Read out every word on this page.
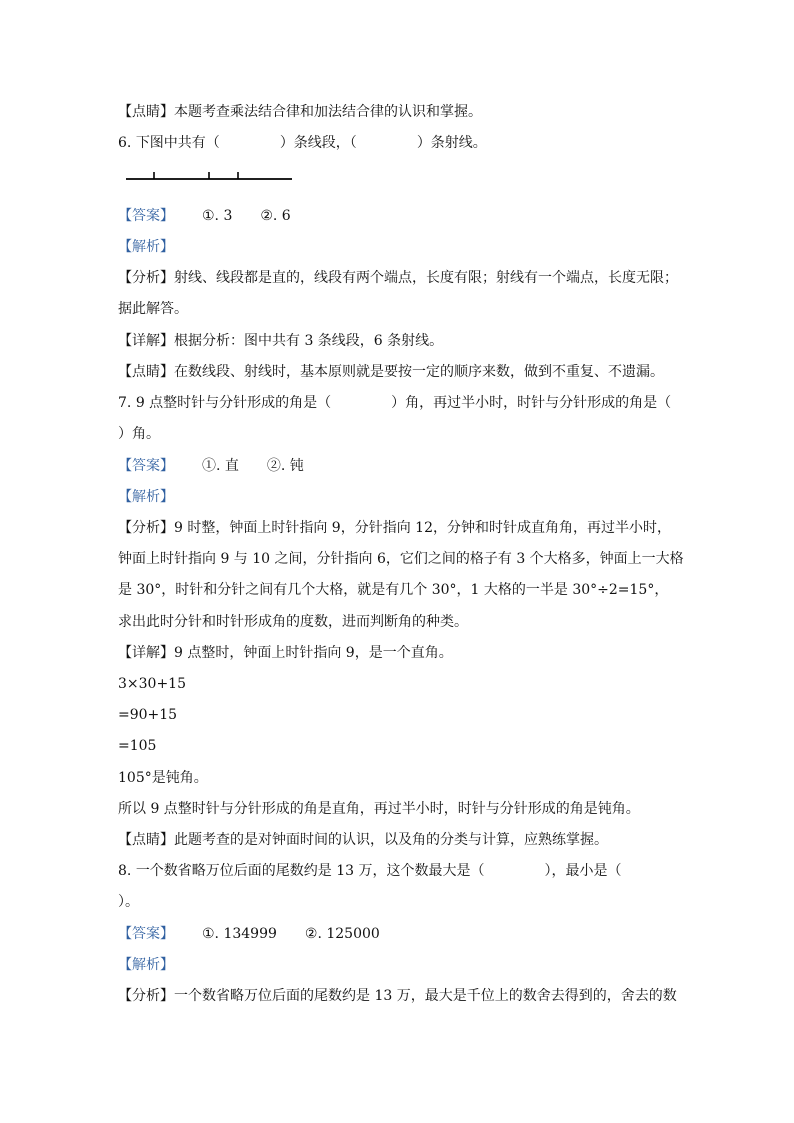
【点睛】本题考查乘法结合律和加法结合律的认识和掌握。
6. 下图中共有（	）条线段，（	）条射线。
【答案】 ①. 3 ②. 6
【解析】
【分析】射线、线段都是直的，线段有两个端点，长度有限；射线有一个端点，长度无限；
据此解答。
【详解】根据分析：图中共有 3 条线段，6 条射线。
【点睛】在数线段、射线时，基本原则就是要按一定的顺序来数，做到不重复、不遗漏。
7. 9 点整时针与分针形成的角是（	）角，再过半小时，时针与分针形成的角是（
）角。
【答案】 ①. 直 ②. 钝
【解析】
【分析】9 时整，钟面上时针指向 9，分针指向 12，分钟和时针成直角角，再过半小时，
钟面上时针指向 9 与 10 之间，分针指向 6，它们之间的格子有 3 个大格多，钟面上一大格
是 30°，时针和分针之间有几个大格，就是有几个 30°，1 大格的一半是 30°÷2=15°，
求出此时分针和时针形成角的度数，进而判断角的种类。
【详解】9 点整时，钟面上时针指向 9，是一个直角。
3×30+15
=90+15
=105
105°是钝角。
所以 9 点整时针与分针形成的角是直角，再过半小时，时针与分针形成的角是钝角。
【点睛】此题考查的是对钟面时间的认识，以及角的分类与计算，应熟练掌握。
8. 一个数省略万位后面的尾数约是 13 万，这个数最大是（	），最小是（
）。
【答案】 ①. 134999 ②. 125000
【解析】
【分析】一个数省略万位后面的尾数约是 13 万，最大是千位上的数舍去得到的，舍去的数
